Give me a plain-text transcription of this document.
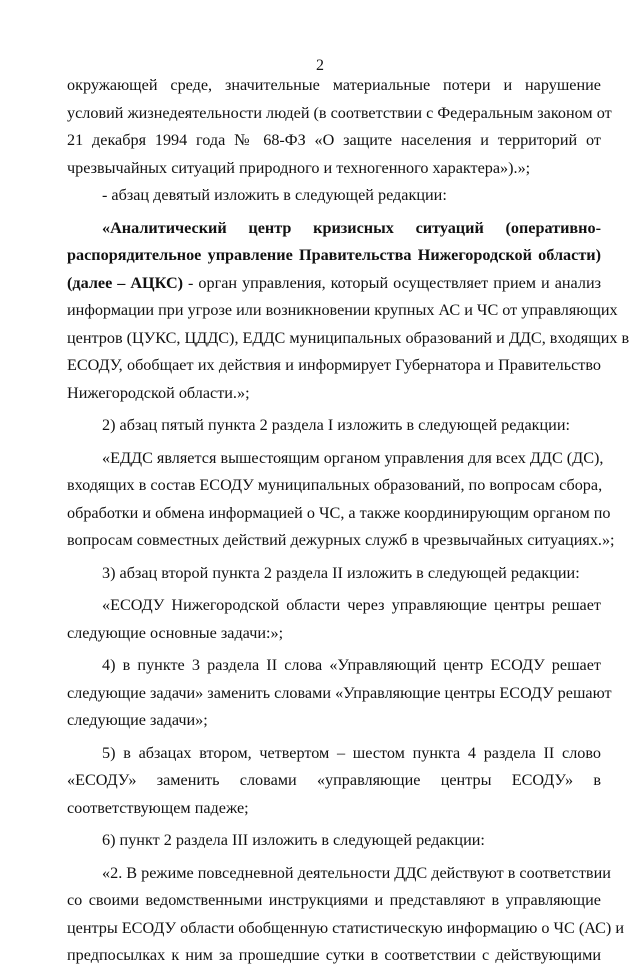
2
окружающей среде, значительные материальные потери и нарушение
условий жизнедеятельности людей (в соответствии с Федеральным законом от
21 декабря 1994 года № 68-ФЗ «О защите населения и территорий от
чрезвычайных ситуаций природного и техногенного характера»).»;
- абзац девятый изложить в следующей редакции:
«Аналитический центр кризисных ситуаций (оперативно-
распорядительное управление Правительства Нижегородской области)
(далее – АЦКС) - орган управления, который осуществляет прием и анализ
информации при угрозе или возникновении крупных АС и ЧС от управляющих
центров (ЦУКС, ЦДДС), ЕДДС муниципальных образований и ДДС, входящих в
ЕСОДУ, обобщает их действия и информирует Губернатора и Правительство
Нижегородской области.»;
2) абзац пятый пункта 2 раздела I изложить в следующей редакции:
«ЕДДС является вышестоящим органом управления для всех ДДС (ДС),
входящих в состав ЕСОДУ муниципальных образований, по вопросам сбора,
обработки и обмена информацией о ЧС, а также координирующим органом по
вопросам совместных действий дежурных служб в чрезвычайных ситуациях.»;
3) абзац второй пункта 2 раздела II изложить в следующей редакции:
«ЕСОДУ Нижегородской области через управляющие центры решает
следующие основные задачи:»;
4) в пункте 3 раздела II слова «Управляющий центр ЕСОДУ решает
следующие задачи» заменить словами «Управляющие центры ЕСОДУ решают
следующие задачи»;
5) в абзацах втором, четвертом – шестом пункта 4 раздела II слово
«ЕСОДУ» заменить словами «управляющие центры ЕСОДУ» в
соответствующем падеже;
6) пункт 2 раздела III изложить в следующей редакции:
«2. В режиме повседневной деятельности ДДС действуют в соответствии
со своими ведомственными инструкциями и представляют в управляющие
центры ЕСОДУ области обобщенную статистическую информацию о ЧС (АС) и
предпосылках к ним за прошедшие сутки в соответствии с действующими
